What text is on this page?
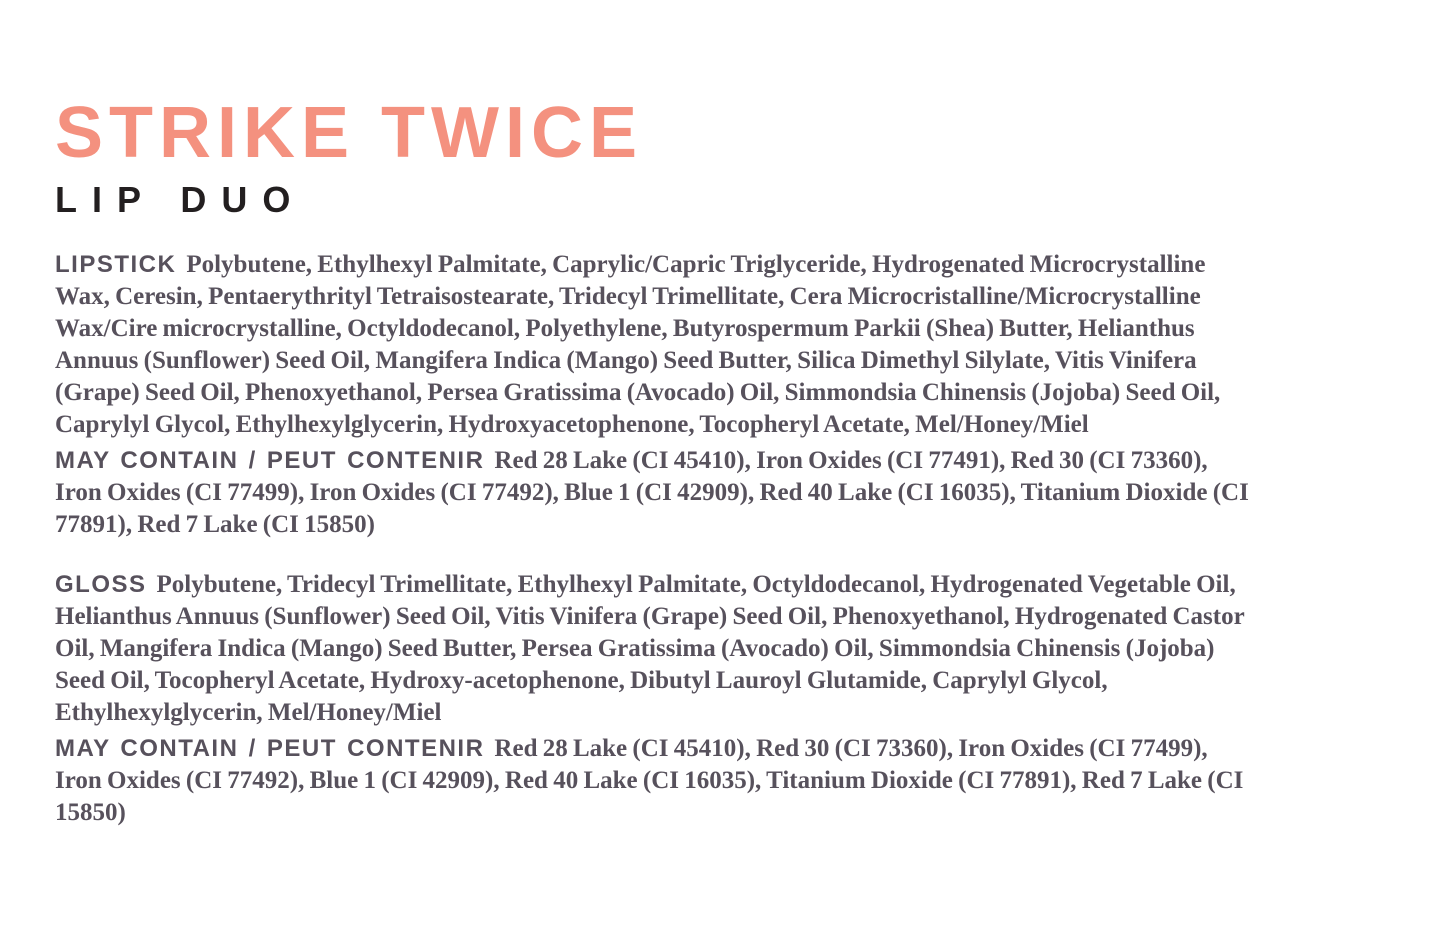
STRIKE TWICE
LIP DUO

LIPSTICK Polybutene, Ethylhexyl Palmitate, Caprylic/Capric Triglyceride, Hydrogenated Microcrystalline Wax, Ceresin, Pentaerythrityl Tetraisostearate, Tridecyl Trimellitate, Cera Microcristalline/Microcrystalline Wax/Cire microcrystalline, Octyldodecanol, Polyethylene, Butyrospermum Parkii (Shea) Butter, Helianthus Annuus (Sunflower) Seed Oil, Mangifera Indica (Mango) Seed Butter, Silica Dimethyl Silylate, Vitis Vinifera (Grape) Seed Oil, Phenoxyethanol, Persea Gratissima (Avocado) Oil, Simmondsia Chinensis (Jojoba) Seed Oil, Caprylyl Glycol, Ethylhexylglycerin, Hydroxyacetophenone, Tocopheryl Acetate, Mel/Honey/Miel

MAY CONTAIN / PEUT CONTENIR Red 28 Lake (CI 45410), Iron Oxides (CI 77491), Red 30 (CI 73360), Iron Oxides (CI 77499), Iron Oxides (CI 77492), Blue 1 (CI 42909), Red 40 Lake (CI 16035), Titanium Dioxide (CI 77891), Red 7 Lake (CI 15850)

GLOSS Polybutene, Tridecyl Trimellitate, Ethylhexyl Palmitate, Octyldodecanol, Hydrogenated Vegetable Oil, Helianthus Annuus (Sunflower) Seed Oil, Vitis Vinifera (Grape) Seed Oil, Phenoxyethanol, Hydrogenated Castor Oil, Mangifera Indica (Mango) Seed Butter, Persea Gratissima (Avocado) Oil, Simmondsia Chinensis (Jojoba) Seed Oil, Tocopheryl Acetate, Hydroxy-acetophenone, Dibutyl Lauroyl Glutamide, Caprylyl Glycol, Ethylhexylglycerin, Mel/Honey/Miel

MAY CONTAIN / PEUT CONTENIR Red 28 Lake (CI 45410), Red 30 (CI 73360), Iron Oxides (CI 77499), Iron Oxides (CI 77492), Blue 1 (CI 42909), Red 40 Lake (CI 16035), Titanium Dioxide (CI 77891), Red 7 Lake (CI 15850)
